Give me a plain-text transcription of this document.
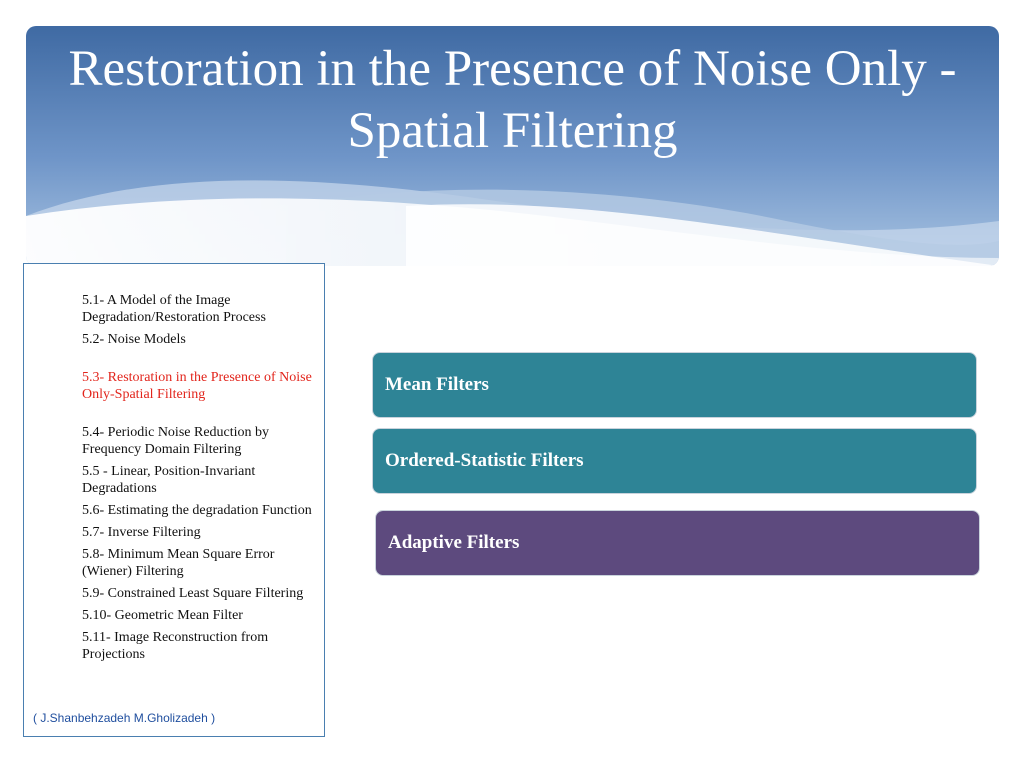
Restoration in the Presence of Noise Only - Spatial Filtering
5.1- A Model of the Image Degradation/Restoration Process
5.2- Noise Models
5.3- Restoration in the Presence of Noise Only-Spatial Filtering
5.4- Periodic Noise Reduction by Frequency Domain Filtering
5.5 - Linear, Position-Invariant Degradations
5.6- Estimating the degradation Function
5.7- Inverse Filtering
5.8- Minimum Mean Square Error (Wiener) Filtering
5.9- Constrained Least Square Filtering
5.10- Geometric Mean Filter
5.11- Image Reconstruction from Projections
( J.Shanbehzadeh M.Gholizadeh )
Mean Filters
Ordered-Statistic Filters
Adaptive Filters
